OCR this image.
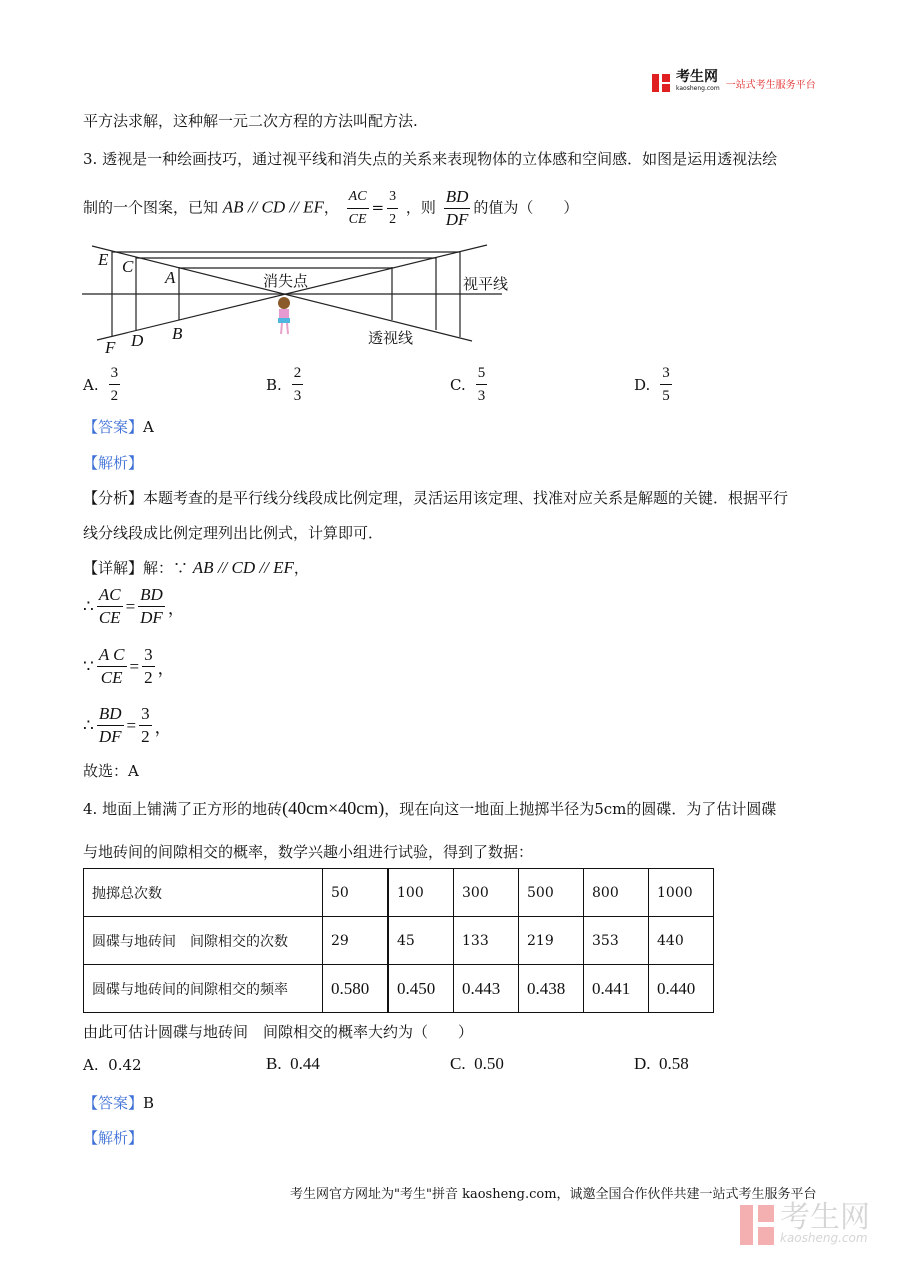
考生网
kaosheng.com 一站式考生服务平台
平方法求解，这种解一元二次方程的方法叫配方法.
3. 透视是一种绘画技巧，通过视平线和消失点的关系来表现物体的立体感和空间感．如图是运用透视法绘
制的一个图案，已知 AB // CD // EF， $\frac{AC}{CE} = \frac{3}{2}$ ，则 $\frac{BD}{DF}$ 的值为（　　）
E C
A
F D B
消失点	视平线
透视线
A. $\frac{3}{2}$	B. $\frac{2}{3}$	C. $\frac{5}{3}$	D. $\frac{3}{5}$
【答案】A
【解析】
【分析】本题考查的是平行线分线段成比例定理，灵活运用该定理、找准对应关系是解题的关键．根据平行
线分线段成比例定理列出比例式，计算即可．
【详解】解：∵ AB // CD // EF，
∴ $\frac{AC}{CE} = \frac{BD}{DF}$ ，
∵ $\frac{\text{A C}}{CE} = \frac{3}{2}$ ，
∴ $\frac{BD}{DF} = \frac{3}{2}$ ，
故选：A
4. 地面上铺满了正方形的地砖(40cm×40cm)，现在向这一地面上抛掷半径为5cm的圆碟．为了估计圆碟
与地砖间的间隙相交的概率，数学兴趣小组进行试验，得到了数据：
抛掷总次数	50	100	300	500	800	1000
圆碟与地砖间　间隙相交的次数	29	45	133	219	353	440
圆碟与地砖间的间隙相交的频率	0.580	0.450	0.443	0.438	0.441	0.440
由此可估计圆碟与地砖间　间隙相交的概率大约为（　　）
A. 0.42	B. 0.44	C. 0.50	D. 0.58
【答案】B
【解析】
考生网官方网址为"考生"拼音 kaosheng.com，诚邀全国合作伙伴共建一站式考生服务平台
考生网
kaosheng.com
